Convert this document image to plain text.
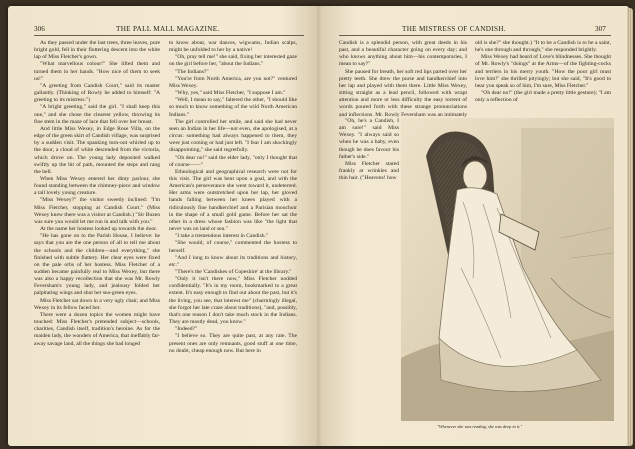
306	THE PALL MALL MAGAZINE.

As they passed under the last trees, three leaves, pure bright gold, fell in their fluttering descent into the white lap of Miss Fletcher's gown.

"What marvellous colour!" She lifted them and turned them in her hands. "How nice of them to seek us!"

"A greeting from Candish Court," said its master gallantly. (Thinking of Rowly he added to himself: "A greeting to its mistress.")

"A bright greeting," said the girl. "I shall keep this one," and she chose the clearest yellow, throwing its fine stem in the maze of lace that fell over her breast.

And little Miss Wexey, in Edge Rose Villa, on the edge of the green skirt of Candish village, was surprised by a sudden visit. The spanking turn-out whirled up to the door, a cloud of white descended from the victoria, which drove on. The young lady deposited walked swiftly up the bit of path, mounted the steps and rang the bell.

When Miss Wexey entered her dinty parlour, she found standing between the chimney-piece and window a tall lovely young creature.

"Miss Wexey?" the visitor sweetly inclined: "I'm Miss Fletcher, stopping at Candish Court." (Miss Wexey knew there was a visitor at Candish.) "Sir Buzen was sure you would let me run in and talk with you."

At the name her hostess looked up towards the door.

"He has gone on to the Parish House, I believe: he says that you are the one person of all to tell me about the schools and the children—and everything," she finished with subtle flattery. Her clear eyes were fixed on the pale orbs of her hostess. Miss Fletcher of a sudden became painfully real to Miss Wexey, but there was also a happy recollection that she was Mr. Rowly Feversham's young lady, and jealousy folded her palpitating wings and shut her sea-green eyes.

Miss Fletcher sat down in a very ugly chair, and Miss Wexey in its fellow faced her.

There were a dozen topics the women might have touched: Miss Fletcher's pretended subject—schools, charities, Candish itself, tradition's heroine. As for the maiden lady, the wonders of America, that ineffably far-away savage land, all the things she had longed

to know about, war dances, wigwams, Indian scalps, might be unfolded to her by a native!

"Oh, pray tell me!" she said, fixing her interested gaze on the girl before her, "about the Indians."

"The Indians?"

"You're from North America, are you not?" ventured Miss Wexey.

"Why, yes," said Miss Fletcher, "I suppose I am."

"Well, I mean to say," faltered the other, "I should like so much to know something of the wild North American Indians."

The girl controlled her smile, and said she had never seen an Indian in her life—not even, she apologised, at a circus: something had always happened to them, they were just coming or had just left. "I fear I am shockingly disappointing," she said regretfully.

"Oh dear no!" said the elder lady, "only I thought that of course——"

Ethnological and geographical research were not for this visit. The girl was bent upon a goal, and with the American's perseverance she went toward it, undeterred. Her arms were outstretched upon her lap, her gloved hands falling between her knees played with a ridiculously fine handkerchief and a Parisian mouchoir in the shape of a small gold game. Before her sat the other in a dress whose fashion was like "the light that never was on land or sea."

"I take a tremendous interest in Candish."

"She would, of course," commented the hostess to herself.

"And I long to know about its traditions and history, etc."

"There's the 'Candishes of Copeshire' at the library."

"Only it isn't there now," Miss Fletcher nodded confidentially. "It's in my room, bookmarked to a great extent. It's easy enough to find out about the past, but it's the living, you see, that interest me" (charmingly illegal, she forgot her late craze about traditions), "and, possibly, that's one reason I don't take much stock in the Indians. They are mostly dead, you know."

"Indeed?"

"I believe so. They are quite past, at any rate. The present ones are only remnants, good stuff at one time, no doubt, cheap enough now. But here in

THE MISTRESS OF CANDISH.	307

Candish is a splendid person, with great deeds in his past, and a beautiful character going on every day; and who knows anything about him—his contemporaries, I mean to say?"

She paused for breath, her soft red lips parted over her pretty teeth. She drew the purse and handkerchief into her lap and played with them there. Little Miss Wexey, sitting straight as a lead pencil, followed with wrapt attention and more or less difficulty the easy torrent of words poured forth with these strange pronunciations and inflections. Mr. Rowly Feversham was an intimately

"Oh, he's a Candish, I am sure!" said Miss Wexey. "I always said so when he was a baby, even though he does favour his father's side."

Miss Fletcher stared frankly at wrinkles and thin hair. ("Heavens! how

old is she?" she thought.) "It to be a Candish is to be a saint, he's one through and through," she responded brightly.

Miss Wexey had heard of Love's blindnesses. She thought of Mr. Rowly's "doings" at the Arms—of the fighting-cocks and terriers in his merry youth. "How the poor girl must love him!" she thrilled pityingly; but she said, "It's good to hear you speak so of him, I'm sure, Miss Fletcher."

"Oh dear no!" (the girl made a pretty little gesture); "I am only a reflection of

"Whenever she was reading, she was deep in it."
